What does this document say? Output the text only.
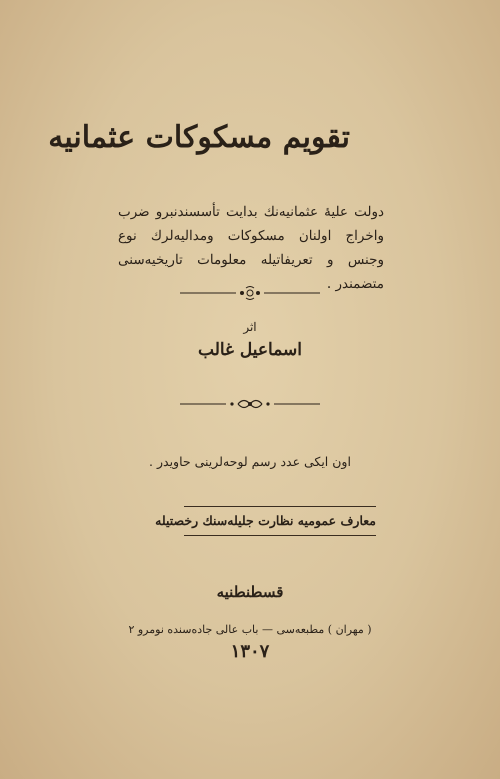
تقویم مسکوکات عثمانیه
دولت علیهٔ عثمانیه‌نك بدایت تأسسندنبرو ضرب واخراج اولنان مسکوکات ومدالیه‌لرك نوع وجنس و تعریفاتیله معلومات تاریخیه‌سنی متضمندر .
اثر
اسماعیل غالب
اون ایکی عدد رسم لوحه‌لرینی حاویدر .
معارف عمومیه نظارت جلیله‌سنك رخصتیله
قسطنطنیه
( مهران ) مطبعه‌سی — باب عالی جاده‌سنده نومرو ٢
١٣٠٧
